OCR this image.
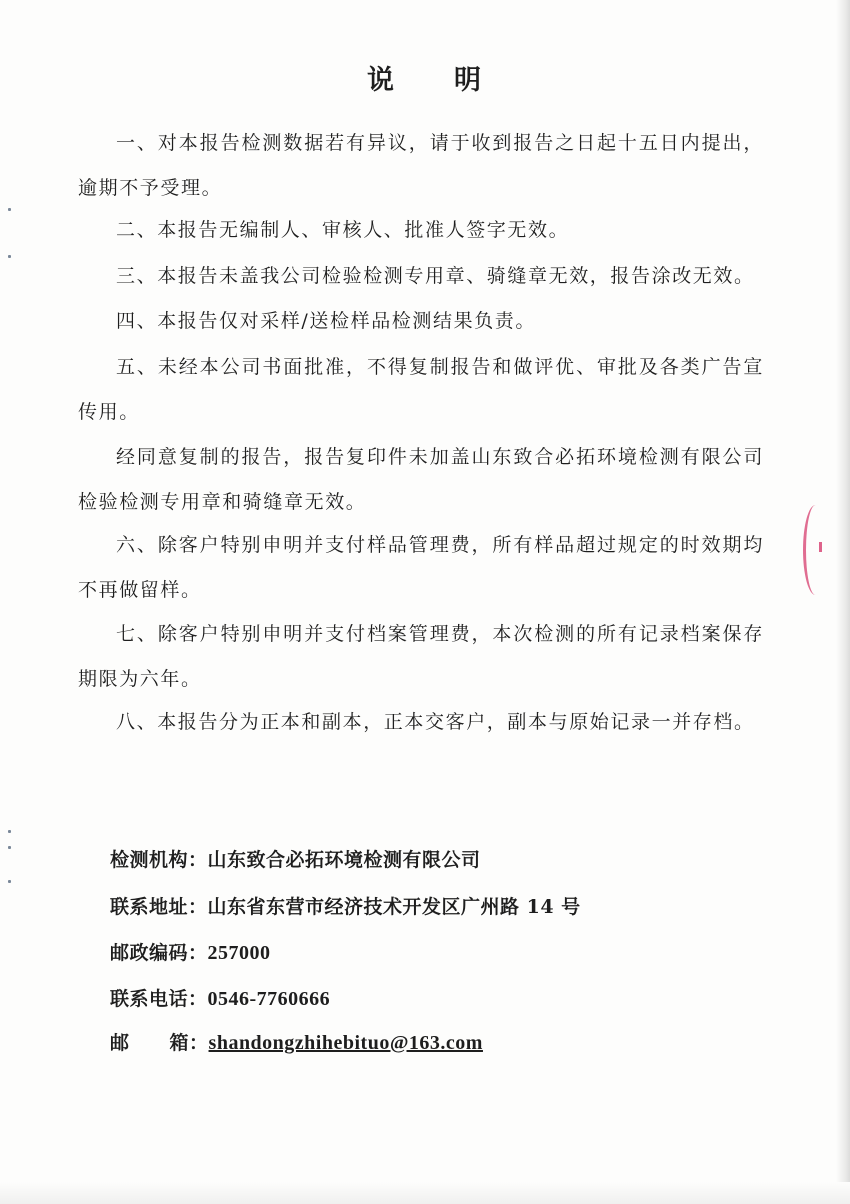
说 明

一、对本报告检测数据若有异议，请于收到报告之日起十五日内提出，逾期不予受理。

二、本报告无编制人、审核人、批准人签字无效。

三、本报告未盖我公司检验检测专用章、骑缝章无效，报告涂改无效。

四、本报告仅对采样/送检样品检测结果负责。

五、未经本公司书面批准，不得复制报告和做评优、审批及各类广告宣传用。

经同意复制的报告，报告复印件未加盖山东致合必拓环境检测有限公司检验检测专用章和骑缝章无效。

六、除客户特别申明并支付样品管理费，所有样品超过规定的时效期均不再做留样。

七、除客户特别申明并支付档案管理费，本次检测的所有记录档案保存期限为六年。

八、本报告分为正本和副本，正本交客户，副本与原始记录一并存档。

检测机构：山东致合必拓环境检测有限公司
联系地址：山东省东营市经济技术开发区广州路 14 号
邮政编码：257000
联系电话：0546-7760666
邮 箱：shandongzhihebituo@163.com
